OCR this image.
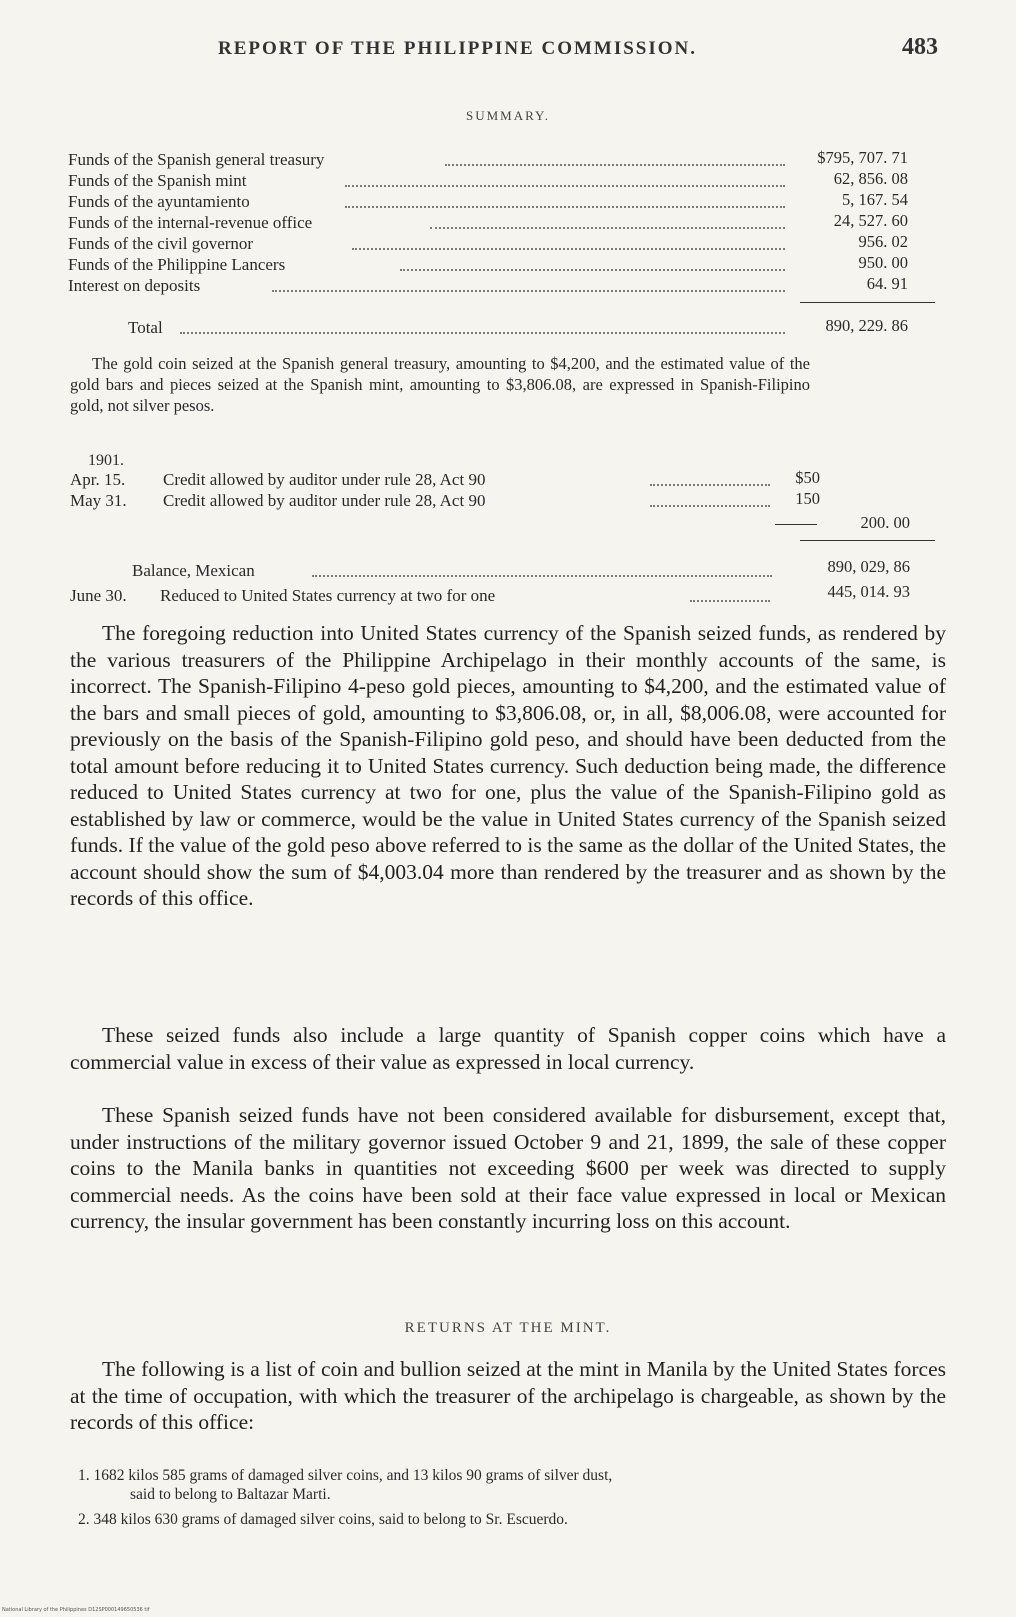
REPORT OF THE PHILIPPINE COMMISSION.	483
SUMMARY.
Funds of the Spanish general treasury	$795, 707. 71
Funds of the Spanish mint	62, 856. 08
Funds of the ayuntamiento	5, 167. 54
Funds of the internal-revenue office	24, 527. 60
Funds of the civil governor	956. 02
Funds of the Philippine Lancers	950. 00
Interest on deposits	64. 91
Total	890, 229. 86
The gold coin seized at the Spanish general treasury, amounting to $4,200, and the estimated value of the gold bars and pieces seized at the Spanish mint, amounting to $3,806.08, are expressed in Spanish-Filipino gold, not silver pesos.
1901.
Apr. 15. Credit allowed by auditor under rule 28, Act 90	$50
May 31. Credit allowed by auditor under rule 28, Act 90	150
200. 00
Balance, Mexican	890, 029, 86
June 30. Reduced to United States currency at two for one	445, 014. 93
The foregoing reduction into United States currency of the Spanish seized funds, as rendered by the various treasurers of the Philippine Archipelago in their monthly accounts of the same, is incorrect. The Spanish-Filipino 4-peso gold pieces, amounting to $4,200, and the estimated value of the bars and small pieces of gold, amounting to $3,806.08, or, in all, $8,006.08, were accounted for previously on the basis of the Spanish-Filipino gold peso, and should have been deducted from the total amount before reducing it to United States currency. Such deduction being made, the difference reduced to United States currency at two for one, plus the value of the Spanish-Filipino gold as established by law or commerce, would be the value in United States currency of the Spanish seized funds. If the value of the gold peso above referred to is the same as the dollar of the United States, the account should show the sum of $4,003.04 more than rendered by the treasurer and as shown by the records of this office.
These seized funds also include a large quantity of Spanish copper coins which have a commercial value in excess of their value as expressed in local currency.
These Spanish seized funds have not been considered available for disbursement, except that, under instructions of the military governor issued October 9 and 21, 1899, the sale of these copper coins to the Manila banks in quantities not exceeding $600 per week was directed to supply commercial needs. As the coins have been sold at their face value expressed in local or Mexican currency, the insular government has been constantly incurring loss on this account.
RETURNS AT THE MINT.
The following is a list of coin and bullion seized at the mint in Manila by the United States forces at the time of occupation, with which the treasurer of the archipelago is chargeable, as shown by the records of this office:
1. 1682 kilos 585 grams of damaged silver coins, and 13 kilos 90 grams of silver dust,
said to belong to Baltazar Marti.
2. 348 kilos 630 grams of damaged silver coins, said to belong to Sr. Escuerdo.
National Library of the Philippines D12SP000149650536 tif
